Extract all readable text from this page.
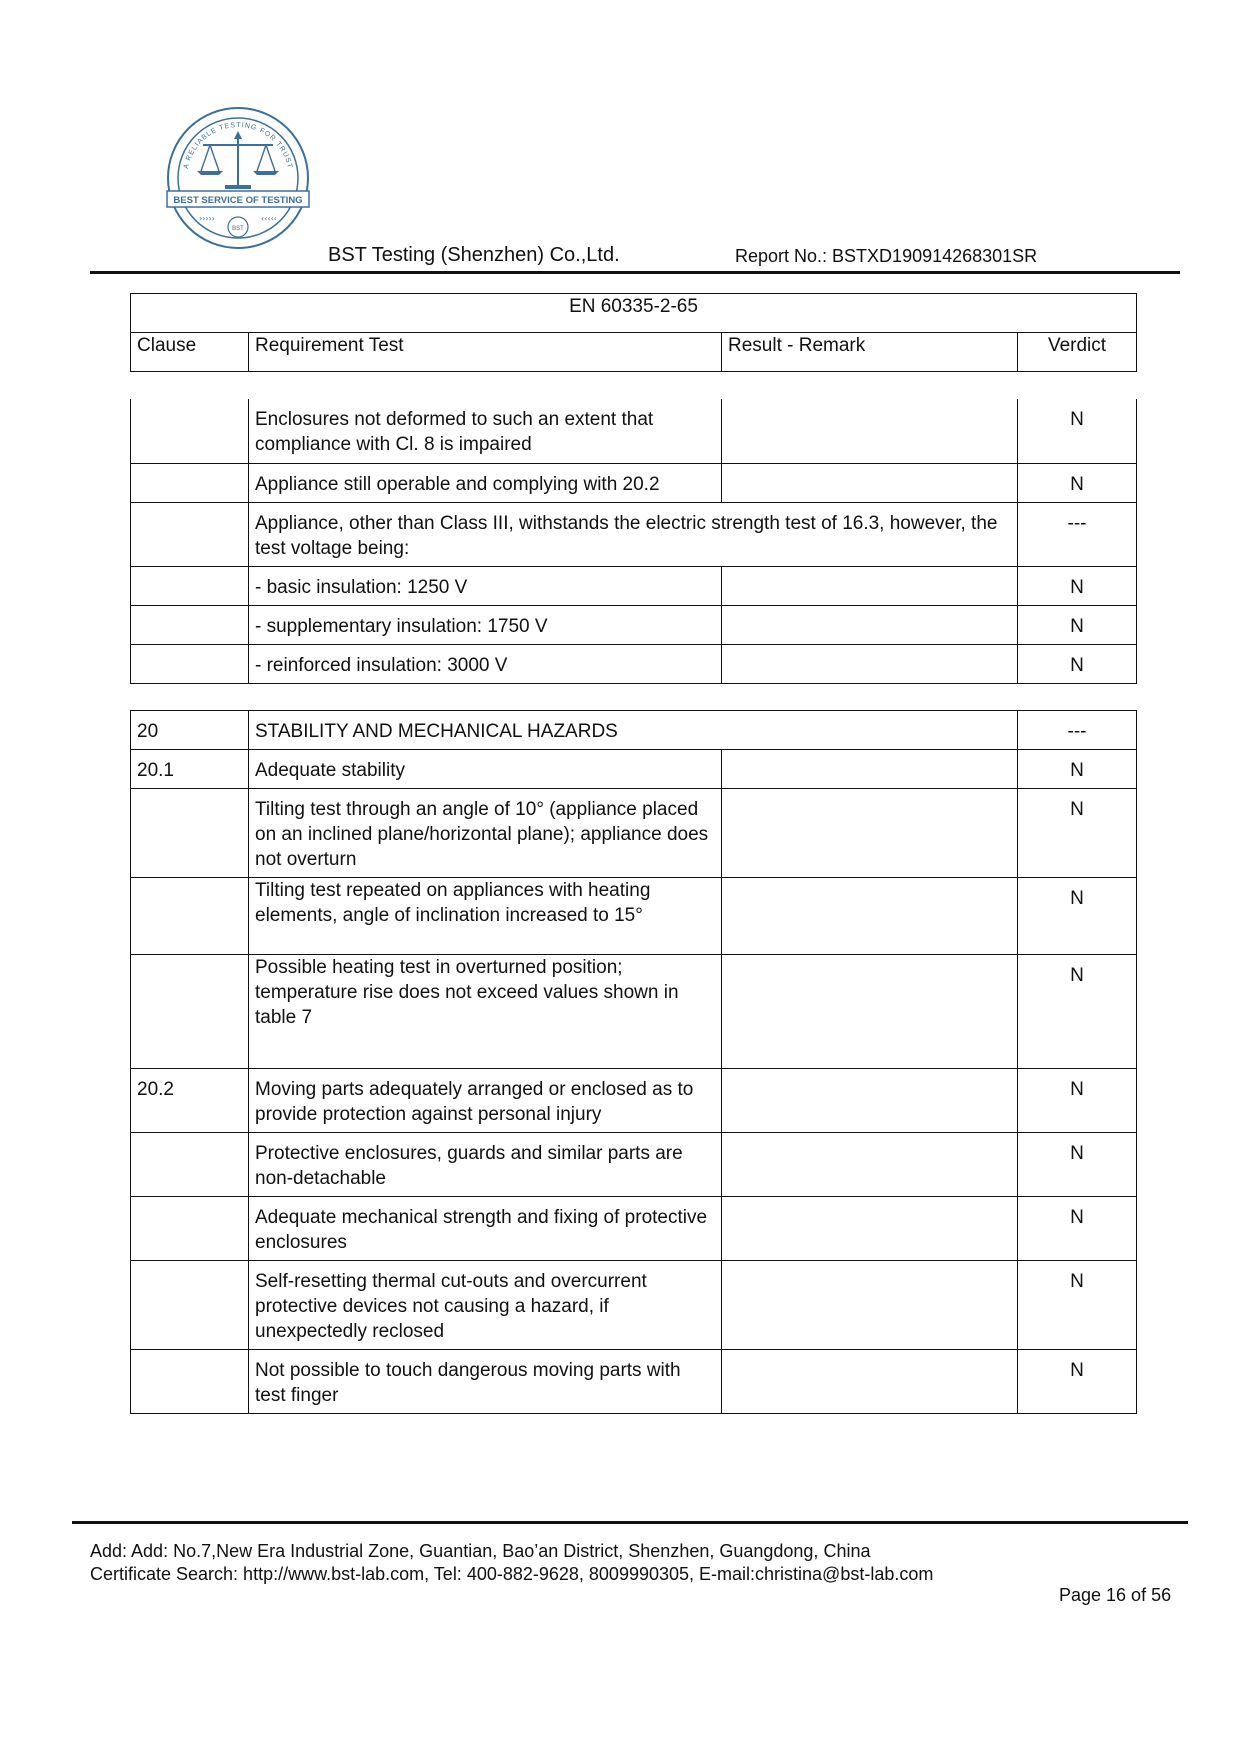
A RELIABLE TESTING FOR TRUST
BEST SERVICE OF TESTING
›››››	‹‹‹‹‹
BST
BST Testing (Shenzhen) Co.,Ltd.	Report No.: BSTXD190914268301SR
EN 60335-2-65
Clause	Requirement Test	Result - Remark	Verdict
	Enclosures not deformed to such an extent that compliance with Cl. 8 is impaired		N
	Appliance still operable and complying with 20.2		N
	Appliance, other than Class III, withstands the electric strength test of 16.3, however, the test voltage being:		---
	- basic insulation: 1250 V		N
	- supplementary insulation: 1750 V		N
	- reinforced insulation: 3000 V		N
20	STABILITY AND MECHANICAL HAZARDS		---
20.1	Adequate stability		N
	Tilting test through an angle of 10° (appliance placed on an inclined plane/horizontal plane); appliance does not overturn		N
	Tilting test repeated on appliances with heating elements, angle of inclination increased to 15°		N
	Possible heating test in overturned position; temperature rise does not exceed values shown in table 7		N
20.2	Moving parts adequately arranged or enclosed as to provide protection against personal injury		N
	Protective enclosures, guards and similar parts are non-detachable		N
	Adequate mechanical strength and fixing of protective enclosures		N
	Self-resetting thermal cut-outs and overcurrent protective devices not causing a hazard, if unexpectedly reclosed		N
	Not possible to touch dangerous moving parts with test finger		N
Add: Add: No.7,New Era Industrial Zone, Guantian, Bao’an District, Shenzhen, Guangdong, China
Certificate Search: http://www.bst-lab.com, Tel: 400-882-9628, 8009990305, E-mail:christina@bst-lab.com
Page 16 of 56
